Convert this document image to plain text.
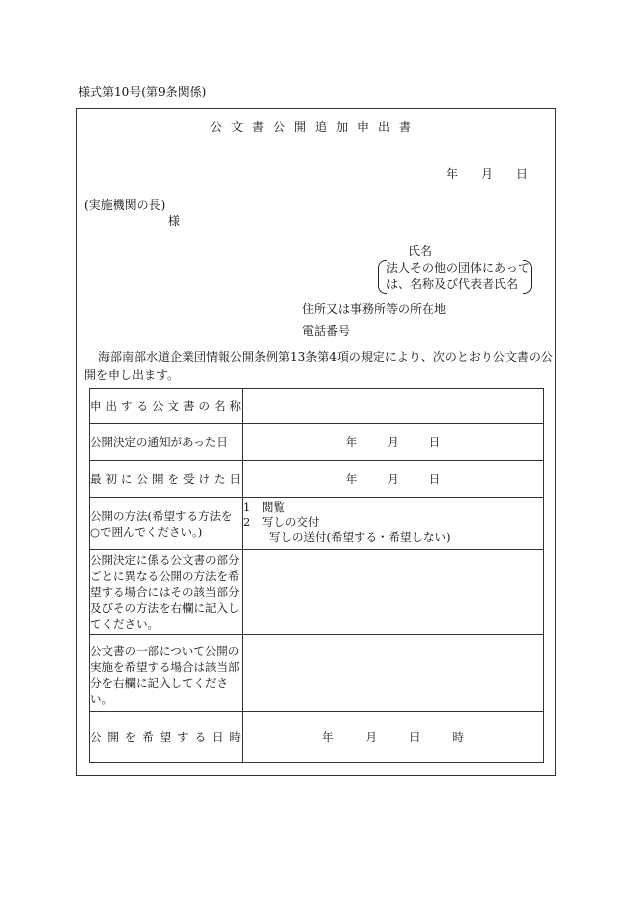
様式第10号(第9条関係)
公文書公開追加申出書
年 月 日
(実施機関の長)
様
氏名
法人その他の団体にあって
は、名称及び代表者氏名
住所又は事務所等の所在地
電話番号
海部南部水道企業団情報公開条例第13条第4項の規定により、次のとおり公文書の公開を申し出ます。
申出する公文書の名称	
公開決定の通知があった日	年 月 日
最初に公開を受けた日	年 月 日
公開の方法(希望する方法を○で囲んでください。)	1　閲覧
2　写しの交付
写しの送付(希望する・希望しない)

公開決定に係る公文書の部分ごとに異なる公開の方法を希望する場合にはその該当部分及びその方法を右欄に記入してください。	
公文書の一部について公開の実施を希望する場合は該当部分を右欄に記入してください。	
公開を希望する日時	年 月 日 時
